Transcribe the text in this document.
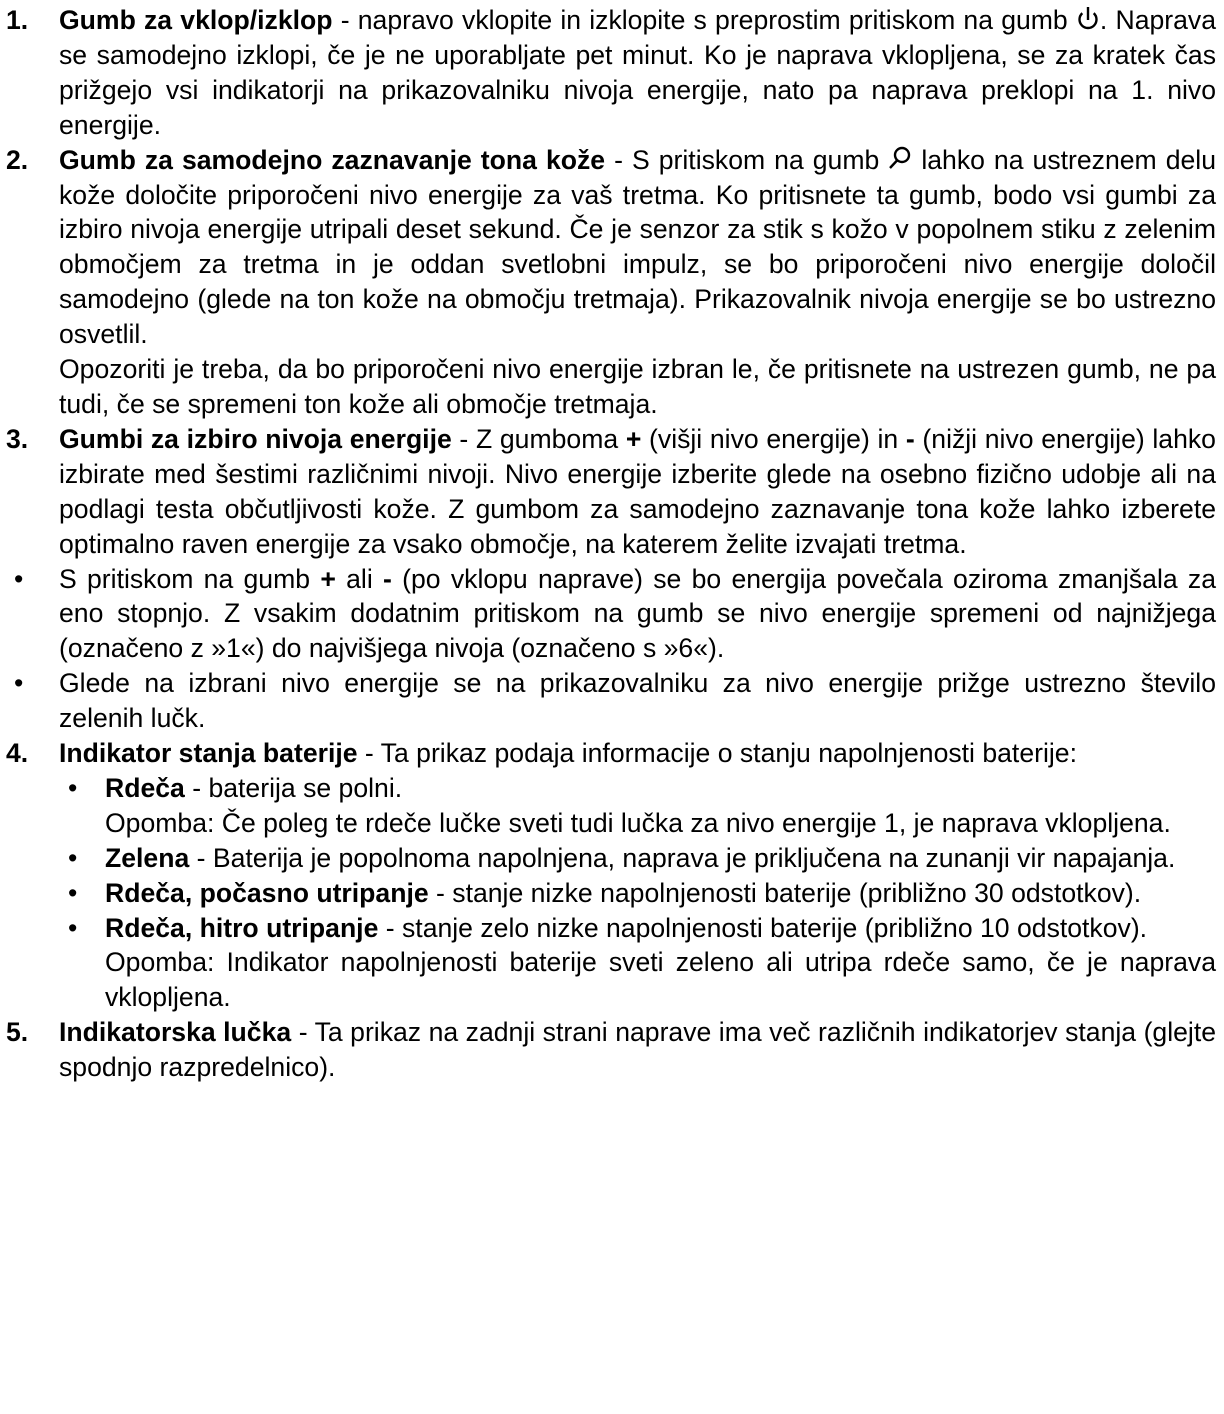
1. Gumb za vklop/izklop - napravo vklopite in izklopite s preprostim pritiskom na gumb
. Naprava se samodejno izklopi, če je ne uporabljate pet minut. Ko je naprava vklopljena, se za kratek čas prižgejo vsi indikatorji na prikazovalniku nivoja energije, nato pa naprava preklopi na 1. nivo energije.
2. Gumb za samodejno zaznavanje tona kože - S pritiskom na gumb
lahko na ustreznem delu kože določite priporočeni nivo energije za vaš tretma. Ko pritisnete ta gumb, bodo vsi gumbi za izbiro nivoja energije utripali deset sekund. Če je senzor za stik s kožo v popolnem stiku z zelenim območjem za tretma in je oddan svetlobni impulz, se bo priporočeni nivo energije določil samodejno (glede na ton kože na območju tretmaja). Prikazovalnik nivoja energije se bo ustrezno osvetlil.
Opozoriti je treba, da bo priporočeni nivo energije izbran le, če pritisnete na ustrezen gumb, ne pa tudi, če se spremeni ton kože ali območje tretmaja.
3. Gumbi za izbiro nivoja energije - Z gumboma + (višji nivo energije) in - (nižji nivo energije) lahko izbirate med šestimi različnimi nivoji. Nivo energije izberite glede na osebno fizično udobje ali na podlagi testa občutljivosti kože. Z gumbom za samodejno zaznavanje tona kože lahko izberete optimalno raven energije za vsako območje, na katerem želite izvajati tretma.
• S pritiskom na gumb + ali - (po vklopu naprave) se bo energija povečala oziroma zmanjšala za eno stopnjo. Z vsakim dodatnim pritiskom na gumb se nivo energije spremeni od najnižjega (označeno z »1«) do najvišjega nivoja (označeno s »6«).
• Glede na izbrani nivo energije se na prikazovalniku za nivo energije prižge ustrezno število zelenih lučk.
4. Indikator stanja baterije - Ta prikaz podaja informacije o stanju napolnjenosti baterije:
• Rdeča - baterija se polni.
Opomba: Če poleg te rdeče lučke sveti tudi lučka za nivo energije 1, je naprava vklopljena.
• Zelena - Baterija je popolnoma napolnjena, naprava je priključena na zunanji vir napajanja.
• Rdeča, počasno utripanje - stanje nizke napolnjenosti baterije (približno 30 odstotkov).
• Rdeča, hitro utripanje - stanje zelo nizke napolnjenosti baterije (približno 10 odstotkov).
Opomba: Indikator napolnjenosti baterije sveti zeleno ali utripa rdeče samo, če je naprava vklopljena.
5. Indikatorska lučka - Ta prikaz na zadnji strani naprave ima več različnih indikatorjev stanja (glejte spodnjo razpredelnico).
